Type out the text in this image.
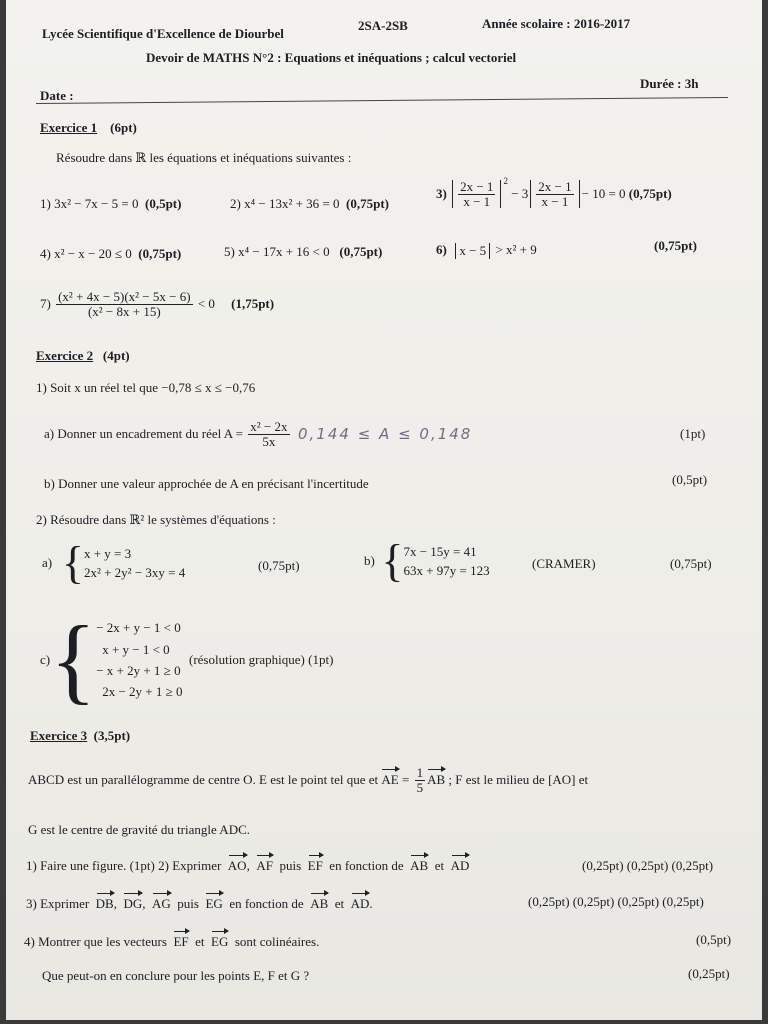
Lycée Scientifique d'Excellence de Diourbel
2SA-2SB	Année scolaire : 2016-2017
Devoir de MATHS N°2 : Equations et inéquations ; calcul vectoriel
Durée : 3h
Date :
Exercice 1 (6pt)
Résoudre dans ℝ les équations et inéquations suivantes :
1) 3x² − 7x − 5 = 0 (0,5pt)	2) x⁴ − 13x² + 36 = 0 (0,75pt)
3)
$\frac{2x - 1}{x - 1} ^2$

− $3 \frac{2x - 1}{x - 1} - 10 = 0$
(0,75pt)
4) x² − x − 20 ≤ 0 (0,75pt)	5) x⁴ − 17x + 16 < 0 (0,75pt)	6) x − 5 > x² + 9	(0,75pt)
7)
$\frac{\text{(x² + 4x − 5)(x² − 5x − 6)}}{\text{(x² − 8x + 15)}}$
< 0
(1,75pt)
Exercice 2 (4pt)
1) Soit x un réel tel que −0,78 ≤ x ≤ −0,76
a) Donner un encadrement du réel A =
$\frac{\text{x² − 2x}}{5x}$
0,144 ≤ A ≤ 0,148	(1pt)
b) Donner une valeur approchée de A en précisant l'incertitude	(0,5pt)
2) Résoudre dans ℝ² le systèmes d'équations :
a)
{ x + y = 3
2x² + 2y² − 3xy = 4	(0,75pt)	b)
{ 7x − 15y = 41
63x + 97y = 123	(CRAMER)	(0,75pt)
c) { − 2x + y − 1 < 0
x + y − 1 < 0
− x + 2y + 1 ≥ 0
2x − 2y + 1 ≥ 0

(résolution graphique) (1pt)
Exercice 3 (3,5pt)
ABCD est un parallélogramme de centre O. E est le point tel que et
AE = $\frac{1}{5}$ AB
; F est le milieu de [AO] et
G est le centre de gravité du triangle ADC.
1) Faire une figure. (1pt) 2) Exprimer AO, AF puis EF en fonction de AB et AD	(0,25pt) (0,25pt) (0,25pt)
3) Exprimer DB,  DG,  AG puis EG en fonction de AB et AD.	(0,25pt) (0,25pt) (0,25pt) (0,25pt)
4) Montrer que les vecteurs EF et EG sont colinéaires.	(0,5pt)
Que peut-on en conclure pour les points E, F et G ?	(0,25pt)
